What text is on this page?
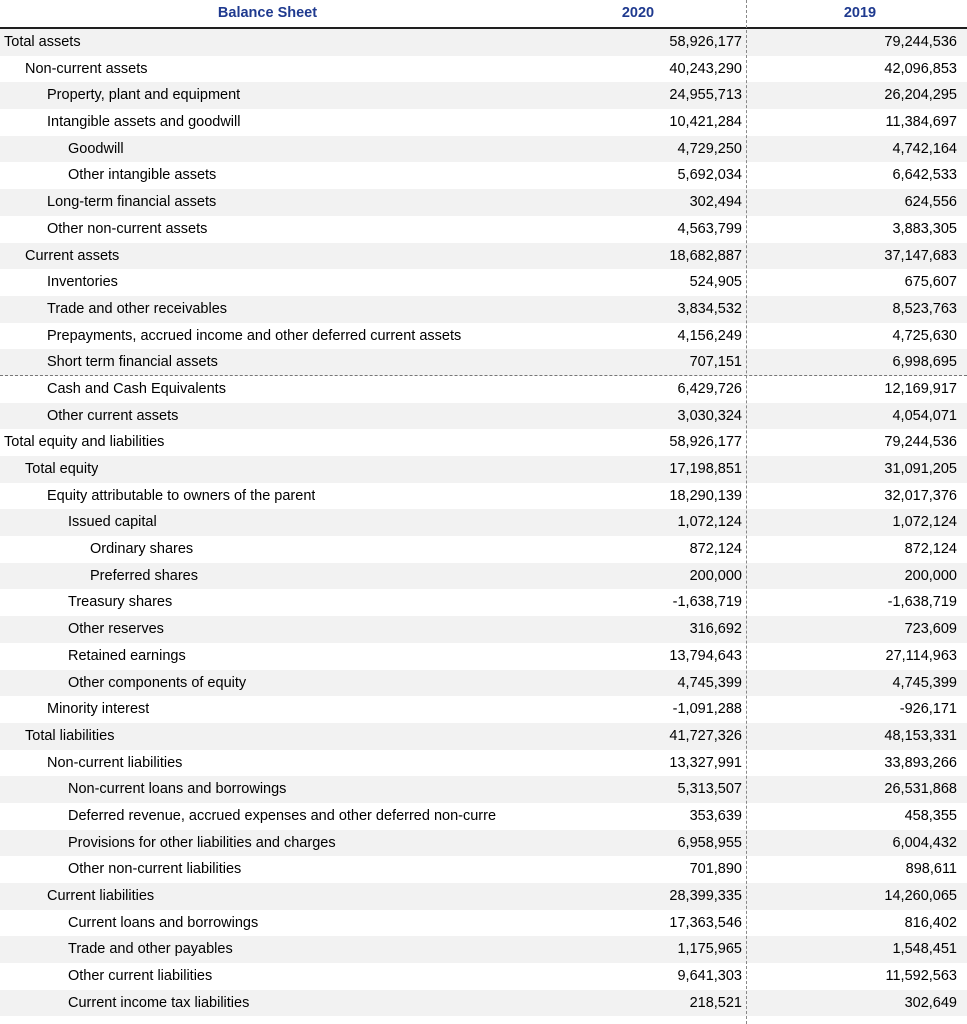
Balance Sheet	2020	2019
Total assets	58,926,177	79,244,536
Non-current assets	40,243,290	42,096,853
Property, plant and equipment	24,955,713	26,204,295
Intangible assets and goodwill	10,421,284	11,384,697
Goodwill	4,729,250	4,742,164
Other intangible assets	5,692,034	6,642,533
Long-term financial assets	302,494	624,556
Other non-current assets	4,563,799	3,883,305
Current assets	18,682,887	37,147,683
Inventories	524,905	675,607
Trade and other receivables	3,834,532	8,523,763
Prepayments, accrued income and other deferred current assets	4,156,249	4,725,630
Short term financial assets	707,151	6,998,695
Cash and Cash Equivalents	6,429,726	12,169,917
Other current assets	3,030,324	4,054,071
Total equity and liabilities	58,926,177	79,244,536
Total equity	17,198,851	31,091,205
Equity attributable to owners of the parent	18,290,139	32,017,376
Issued capital	1,072,124	1,072,124
Ordinary shares	872,124	872,124
Preferred shares	200,000	200,000
Treasury shares	-1,638,719	-1,638,719
Other reserves	316,692	723,609
Retained earnings	13,794,643	27,114,963
Other components of equity	4,745,399	4,745,399
Minority interest	-1,091,288	-926,171
Total liabilities	41,727,326	48,153,331
Non-current liabilities	13,327,991	33,893,266
Non-current loans and borrowings	5,313,507	26,531,868
Deferred revenue, accrued expenses and other deferred non-curre	353,639	458,355
Provisions for other liabilities and charges	6,958,955	6,004,432
Other non-current liabilities	701,890	898,611
Current liabilities	28,399,335	14,260,065
Current loans and borrowings	17,363,546	816,402
Trade and other payables	1,175,965	1,548,451
Other current liabilities	9,641,303	11,592,563
Current income tax liabilities	218,521	302,649
